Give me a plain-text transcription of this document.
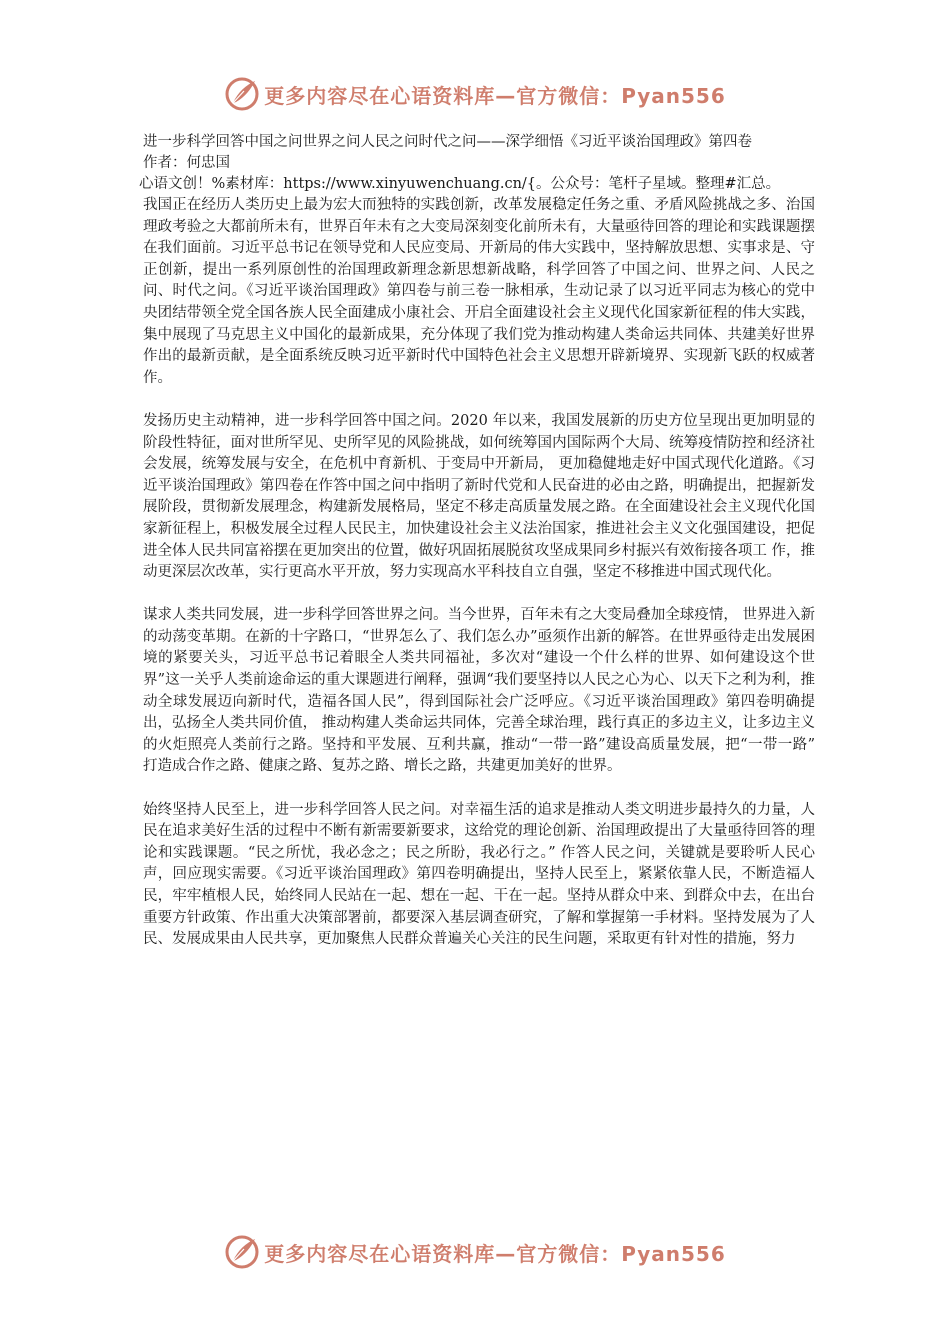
更多内容尽在心语资料库—官方微信：Pyan556
进一步科学回答中国之问世界之问人民之问时代之问——深学细悟《习近平谈治国理政》第四卷

作者：何忠国

心语文创！%素材库：https://www.xinyuwenchuang.cn/{。公众号：笔杆子星域。整理#汇总。

我国正在经历人类历史上最为宏大而独特的实践创新，改革发展稳定任务之重、矛盾风险挑战之多、治国理政考验之大都前所未有，世界百年未有之大变局深刻变化前所未有，大量亟待回答的理论和实践课题摆在我们面前。习近平总书记在领导党和人民应变局、开新局的伟大实践中，坚持解放思想、实事求是、守正创新，提出一系列原创性的治国理政新理念新思想新战略，科学回答了中国之问、世界之问、人民之问、时代之问。《习近平谈治国理政》第四卷与前三卷一脉相承，生动记录了以习近平同志为核心的党中央团结带领全党全国各族人民全面建成小康社会、开启全面建设社会主义现代化国家新征程的伟大实践，集中展现了马克思主义中国化的最新成果，充分体现了我们党为推动构建人类命运共同体、共建美好世界作出的最新贡献，是全面系统反映习近平新时代中国特色社会主义思想开辟新境界、实现新飞跃的权威著作。

发扬历史主动精神，进一步科学回答中国之问。2020 年以来，我国发展新的历史方位呈现出更加明显的阶段性特征，面对世所罕见、史所罕见的风险挑战，如何统筹国内国际两个大局、统筹疫情防控和经济社会发展，统筹发展与安全，在危机中育新机、于变局中开新局， 更加稳健地走好中国式现代化道路。《习近平谈治国理政》第四卷在作答中国之问中指明了新时代党和人民奋进的必由之路，明确提出，把握新发展阶段，贯彻新发展理念，构建新发展格局，坚定不移走高质量发展之路。在全面建设社会主义现代化国家新征程上，积极发展全过程人民民主，加快建设社会主义法治国家，推进社会主义文化强国建设，把促进全体人民共同富裕摆在更加突出的位置，做好巩固拓展脱贫攻坚成果同乡村振兴有效衔接各项工 作，推动更深层次改革，实行更高水平开放，努力实现高水平科技自立自强，坚定不移推进中国式现代化。

谋求人类共同发展，进一步科学回答世界之问。当今世界，百年未有之大变局叠加全球疫情， 世界进入新的动荡变革期。在新的十字路口，“世界怎么了、我们怎么办”亟须作出新的解答。在世界亟待走出发展困境的紧要关头，习近平总书记着眼全人类共同福祉，多次对“建设一个什么样的世界、如何建设这个世界”这一关乎人类前途命运的重大课题进行阐释，强调“我们要坚持以人民之心为心、以天下之利为利，推动全球发展迈向新时代，造福各国人民”，得到国际社会广泛呼应。《习近平谈治国理政》第四卷明确提出，弘扬全人类共同价值， 推动构建人类命运共同体，完善全球治理，践行真正的多边主义，让多边主义的火炬照亮人类前行之路。坚持和平发展、互利共赢，推动“一带一路”建设高质量发展，把“一带一路” 打造成合作之路、健康之路、复苏之路、增长之路，共建更加美好的世界。

始终坚持人民至上，进一步科学回答人民之问。对幸福生活的追求是推动人类文明进步最持久的力量，人民在追求美好生活的过程中不断有新需要新要求，这给党的理论创新、治国理政提出了大量亟待回答的理论和实践课题。“民之所忧，我必念之；民之所盼，我必行之。” 作答人民之问，关键就是要聆听人民心声，回应现实需要。《习近平谈治国理政》第四卷明确提出，坚持人民至上，紧紧依靠人民，不断造福人民，牢牢植根人民，始终同人民站在一起、想在一起、干在一起。坚持从群众中来、到群众中去，在出台重要方针政策、作出重大决策部署前，都要深入基层调查研究，了解和掌握第一手材料。坚持发展为了人民、发展成果由人民共享，更加聚焦人民群众普遍关心关注的民生问题，采取更有针对性的措施，努力

更多内容尽在心语资料库—官方微信：Pyan556
